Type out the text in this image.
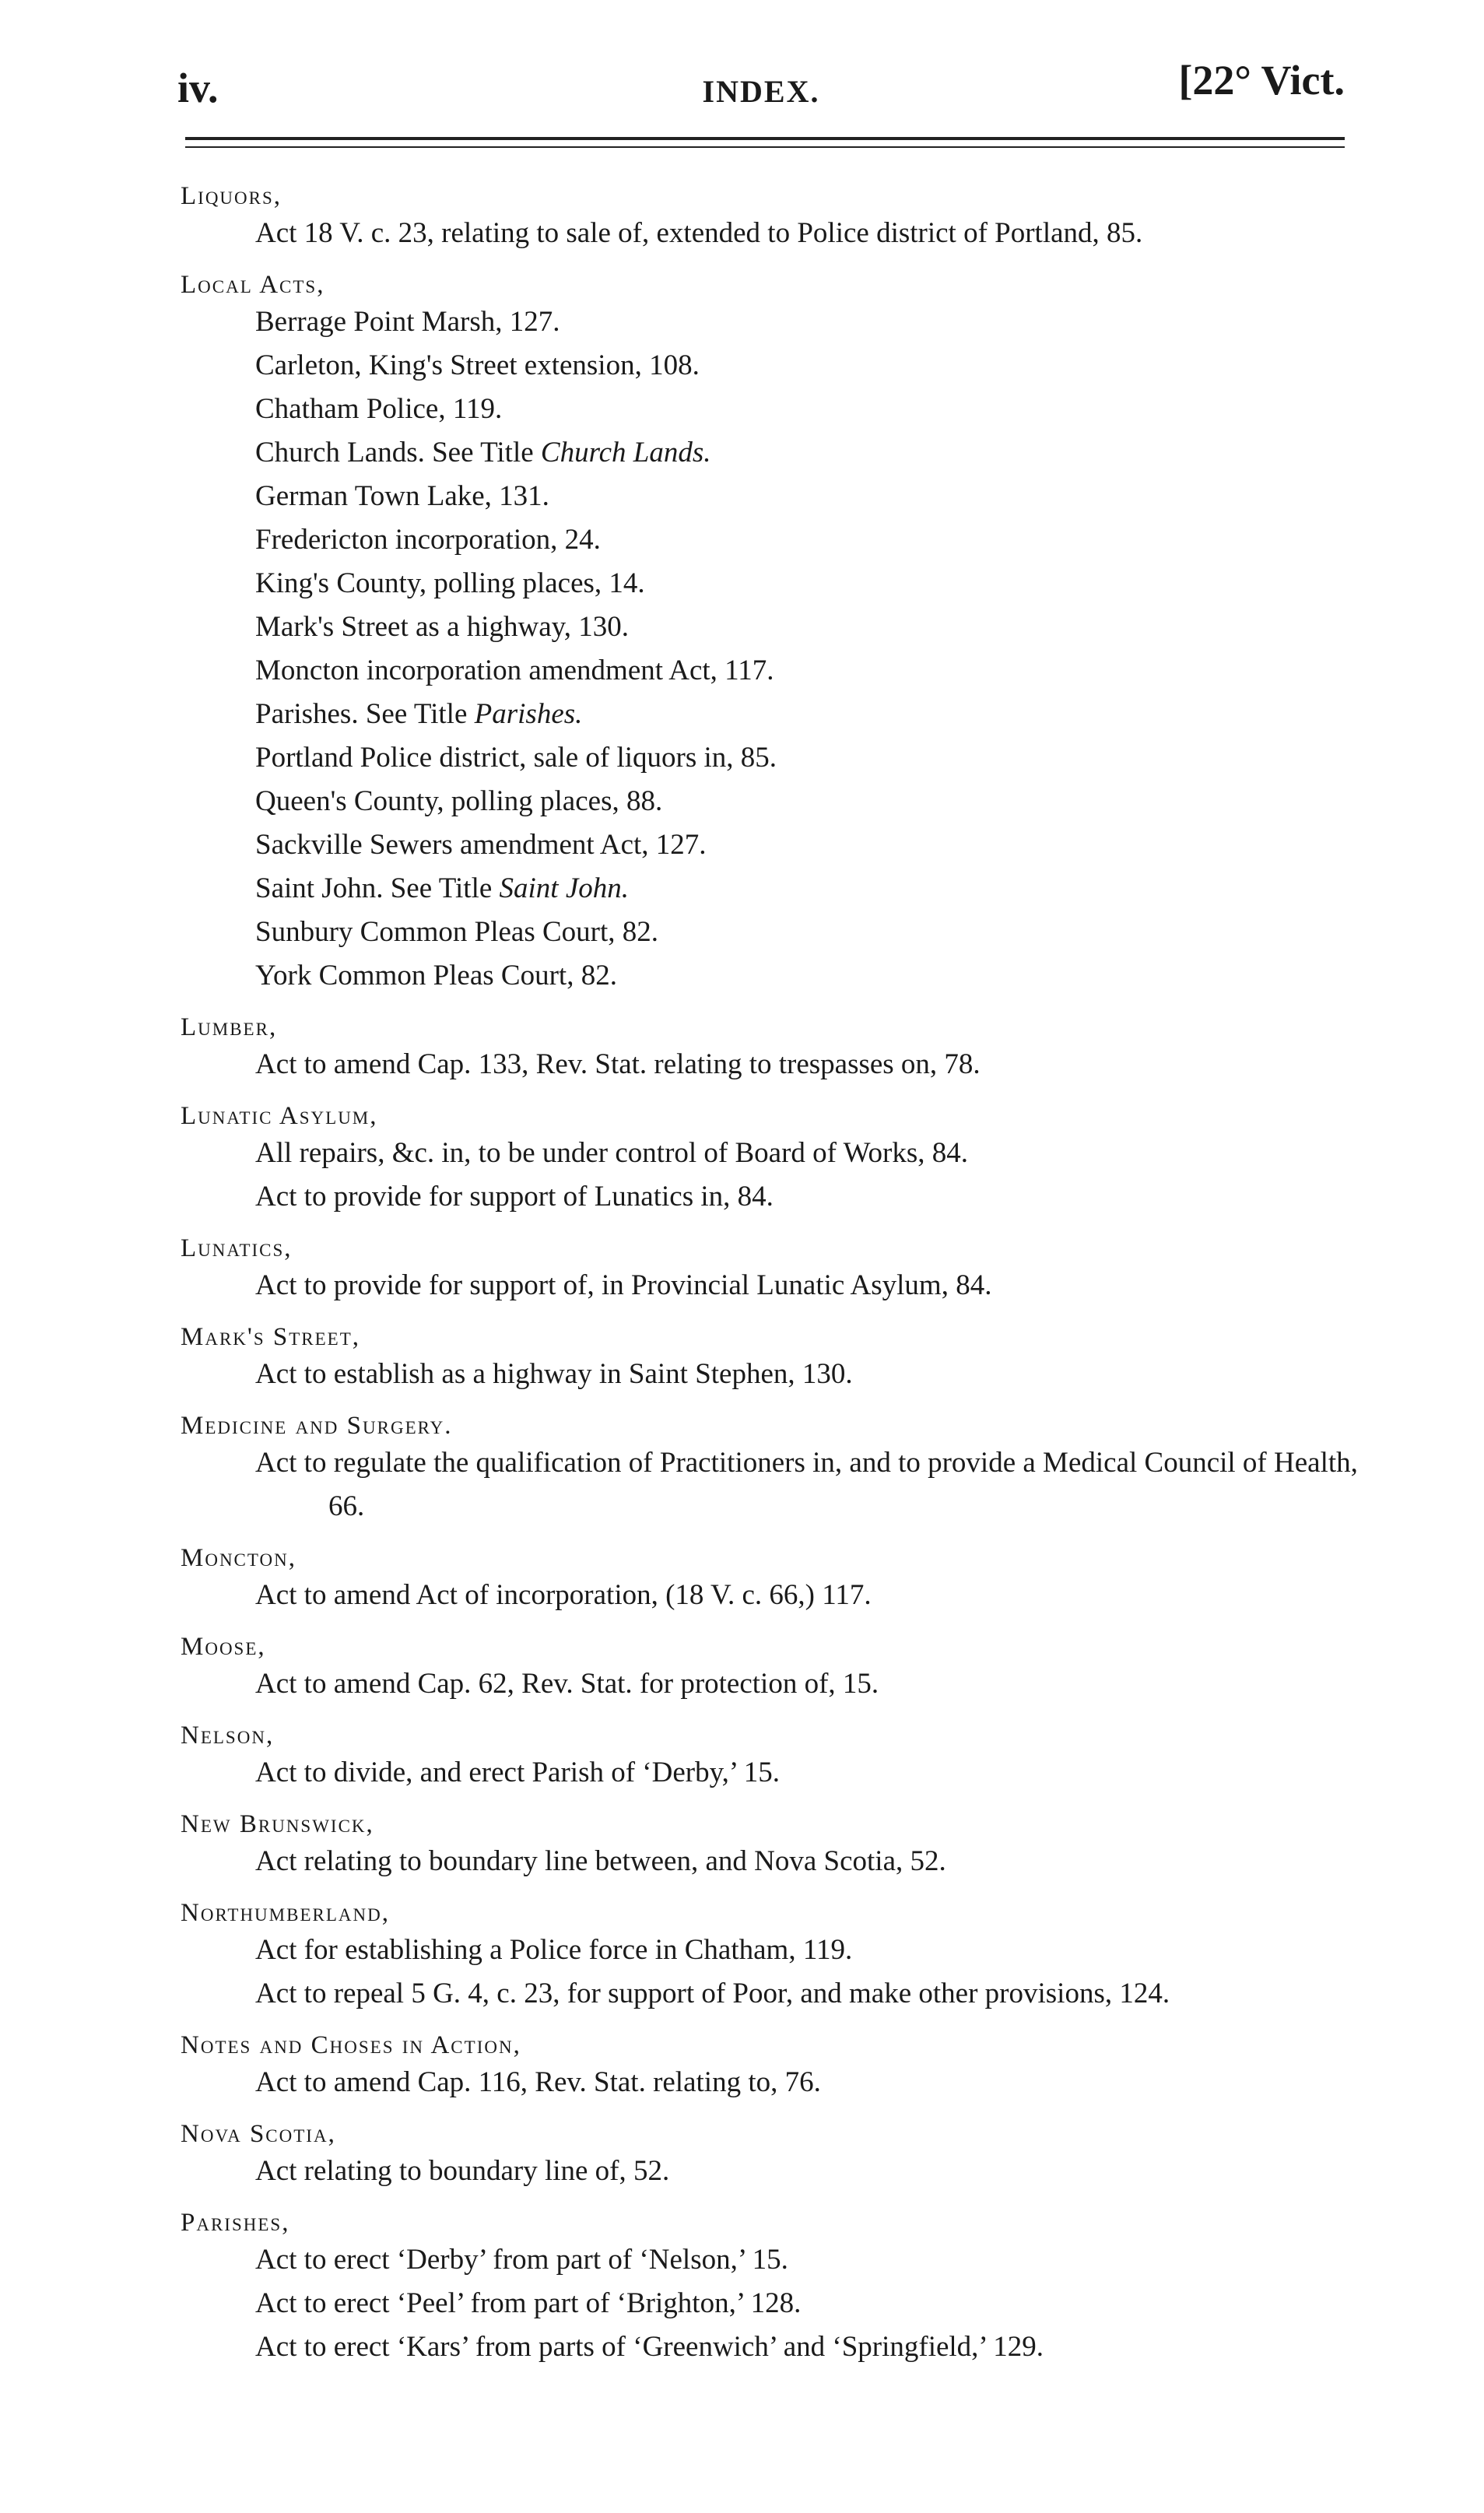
iv.	INDEX.	[22° Vict.
Liquors,
Act 18 V. c. 23, relating to sale of, extended to Police district of Portland, 85.
Local Acts,
Berrage Point Marsh, 127.
Carleton, King's Street extension, 108.
Chatham Police, 119.
Church Lands. See Title Church Lands.
German Town Lake, 131.
Fredericton incorporation, 24.
King's County, polling places, 14.
Mark's Street as a highway, 130.
Moncton incorporation amendment Act, 117.
Parishes. See Title Parishes.
Portland Police district, sale of liquors in, 85.
Queen's County, polling places, 88.
Sackville Sewers amendment Act, 127.
Saint John. See Title Saint John.
Sunbury Common Pleas Court, 82.
York Common Pleas Court, 82.
Lumber,
Act to amend Cap. 133, Rev. Stat. relating to trespasses on, 78.
Lunatic Asylum,
All repairs, &c. in, to be under control of Board of Works, 84.
Act to provide for support of Lunatics in, 84.
Lunatics,
Act to provide for support of, in Provincial Lunatic Asylum, 84.
Mark's Street,
Act to establish as a highway in Saint Stephen, 130.
Medicine and Surgery.
Act to regulate the qualification of Practitioners in, and to provide a Medical Council of Health, 66.
Moncton,
Act to amend Act of incorporation, (18 V. c. 66,) 117.
Moose,
Act to amend Cap. 62, Rev. Stat. for protection of, 15.
Nelson,
Act to divide, and erect Parish of ‘Derby,’ 15.
New Brunswick,
Act relating to boundary line between, and Nova Scotia, 52.
Northumberland,
Act for establishing a Police force in Chatham, 119.
Act to repeal 5 G. 4, c. 23, for support of Poor, and make other provisions, 124.
Notes and Choses in Action,
Act to amend Cap. 116, Rev. Stat. relating to, 76.
Nova Scotia,
Act relating to boundary line of, 52.
Parishes,
Act to erect ‘Derby’ from part of ‘Nelson,’ 15.
Act to erect ‘Peel’ from part of ‘Brighton,’ 128.
Act to erect ‘Kars’ from parts of ‘Greenwich’ and ‘Springfield,’ 129.
